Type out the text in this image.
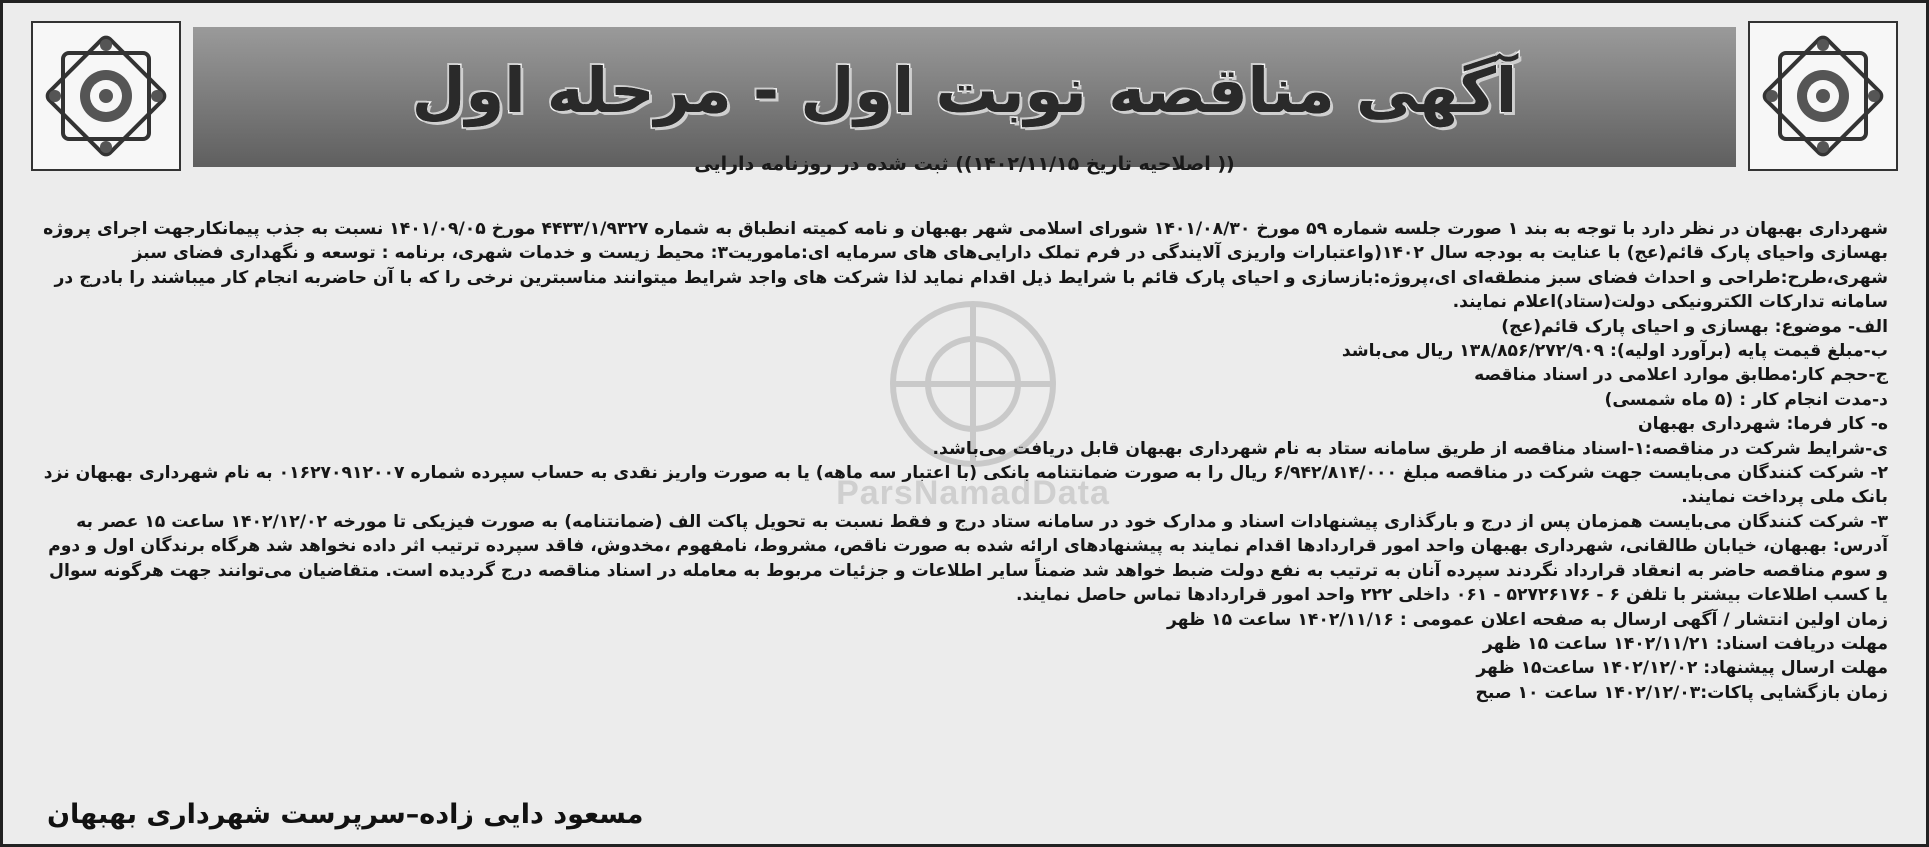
آگهی مناقصه نوبت اول - مرحله اول
(( اصلاحیه تاریخ ۱۴۰۲/۱۱/۱۵)) ثبت شده در روزنامه دارایی
ParsNamadData

شهرداری بهبهان در نظر دارد با توجه به بند ۱ صورت جلسه شماره ۵۹ مورخ ۱۴۰۱/۰۸/۳۰ شورای اسلامی شهر بهبهان و نامه کمیته انطباق به شماره ۴۴۳۳/۱/۹۳۲۷ مورخ ۱۴۰۱/۰۹/۰۵ نسبت به جذب پیمانکارجهت اجرای پروژه بهسازی واحیای پارک قائم(عج) با عنایت به بودجه سال ۱۴۰۲(واعتبارات واریزی آلایندگی در فرم تملک دارایی‌های های سرمایه ای:ماموریت۳: محیط زیست و خدمات شهری، برنامه : توسعه و نگهداری فضای سبز شهری،طرح:طراحی و احداث فضای سبز منطقه‌ای ای،پروژه:بازسازی و احیای پارک قائم با شرایط ذیل اقدام نماید لذا شرکت های واجد شرایط میتوانند مناسبترین نرخی را که با آن حاضربه انجام کار میباشند را بادرج در سامانه تدارکات الکترونیکی دولت(ستاد)اعلام نمایند.

الف- موضوع: بهسازی و احیای پارک قائم(عج)

ب-مبلغ قیمت پایه (برآورد اولیه): ۱۳۸/۸۵۶/۲۷۲/۹۰۹ ریال می‌باشد

ج-حجم کار:مطابق موارد اعلامی در اسناد مناقصه

د-مدت انجام کار : (۵ ماه شمسی)

ه- کار فرما: شهرداری بهبهان

ی-شرایط شرکت در مناقصه:۱-اسناد مناقصه از طریق سامانه ستاد به نام شهرداری بهبهان قابل دریافت می‌باشد.

۲- شرکت کنندگان می‌بایست جهت شرکت در مناقصه مبلغ ۶/۹۴۲/۸۱۴/۰۰۰ ریال را به صورت ضمانتنامه بانکی (با اعتبار سه ماهه) یا به صورت واریز نقدی به حساب سپرده شماره ۰۱۶۲۷۰۹۱۲۰۰۷ به نام شهرداری بهبهان نزد بانک ملی پرداخت نمایند.

۳- شرکت کنندگان می‌بایست همزمان پس از درج و بارگذاری پیشنهادات اسناد و مدارک خود در سامانه ستاد درج و فقط نسبت به تحویل پاکت الف (ضمانتنامه) به صورت فیزیکی تا مورخه ۱۴۰۲/۱۲/۰۲ ساعت ۱۵ عصر به آدرس: بهبهان، خیابان طالقانی، شهرداری بهبهان واحد امور قراردادها اقدام نمایند به پیشنهادهای ارائه شده به صورت ناقص، مشروط، نامفهوم ،مخدوش، فاقد سپرده ترتیب اثر داده نخواهد شد هرگاه برندگان اول و دوم و سوم مناقصه حاضر به انعقاد قرارداد نگردند سپرده آنان به ترتیب به نفع دولت ضبط خواهد شد ضمناً سایر اطلاعات و جزئیات مربوط به معامله در اسناد مناقصه درج گردیده است. متقاضیان می‌توانند جهت هرگونه سوال یا کسب اطلاعات بیشتر با تلفن ۶ - ۵۲۷۲۶۱۷۶ - ۰۶۱ داخلی ۲۲۲ واحد امور قراردادها تماس حاصل نمایند.

زمان اولین انتشار / آگهی ارسال به صفحه اعلان عمومی : ۱۴۰۲/۱۱/۱۶ ساعت ۱۵ ظهر

مهلت دریافت اسناد: ۱۴۰۲/۱۱/۲۱ ساعت ۱۵ ظهر

مهلت ارسال پیشنهاد: ۱۴۰۲/۱۲/۰۲ ساعت۱۵ ظهر

زمان بازگشایی پاکات:۱۴۰۲/۱۲/۰۳ ساعت ۱۰ صبح

مسعود دایی زاده–سرپرست شهرداری بهبهان
